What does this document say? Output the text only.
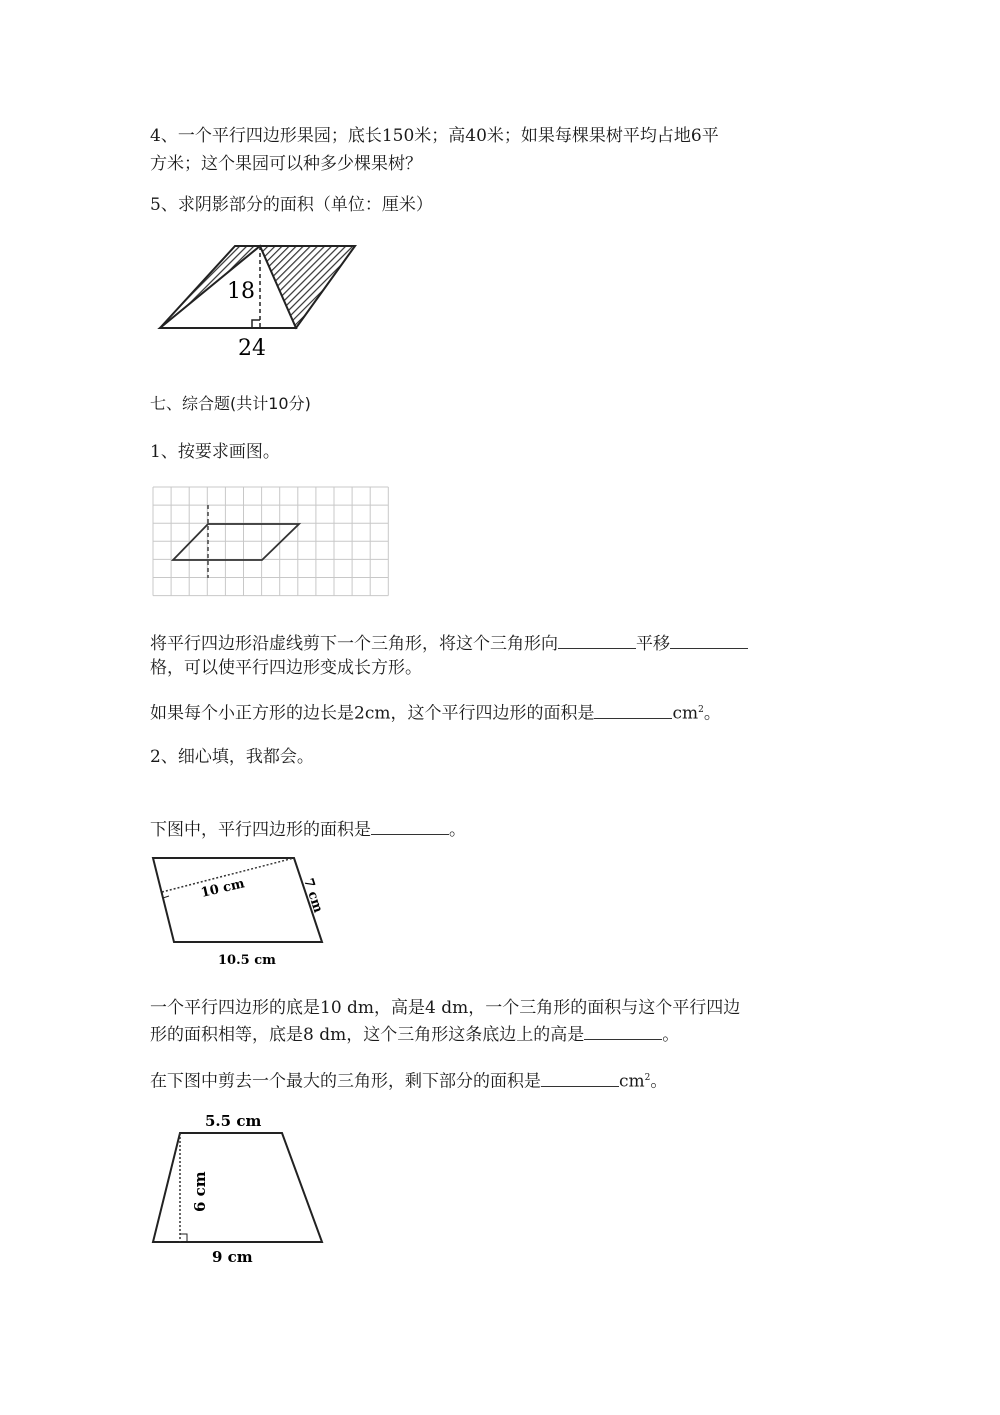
4、一个平行四边形果园；底长150米；高40米；如果每棵果树平均占地6平
方米；这个果园可以种多少棵果树？
5、求阴影部分的面积（单位：厘米）
18
24
七、综合题(共计10分)
1、按要求画图。
将平行四边形沿虚线剪下一个三角形，将这个三角形向	平移
格，可以使平行四边形变成长方形。
如果每个小正方形的边长是2cm，这个平行四边形的面积是	$cm^2$。
2、细心填，我都会。
下图中，平行四边形的面积是	。
10 cm	7 cm
10.5 cm
一个平行四边形的底是10 dm，高是4 dm，一个三角形的面积与这个平行四边
形的面积相等，底是8 dm，这个三角形这条底边上的高是	。
在下图中剪去一个最大的三角形，剩下部分的面积是	$cm^2$。
5.5 cm
6 cm
9 cm
